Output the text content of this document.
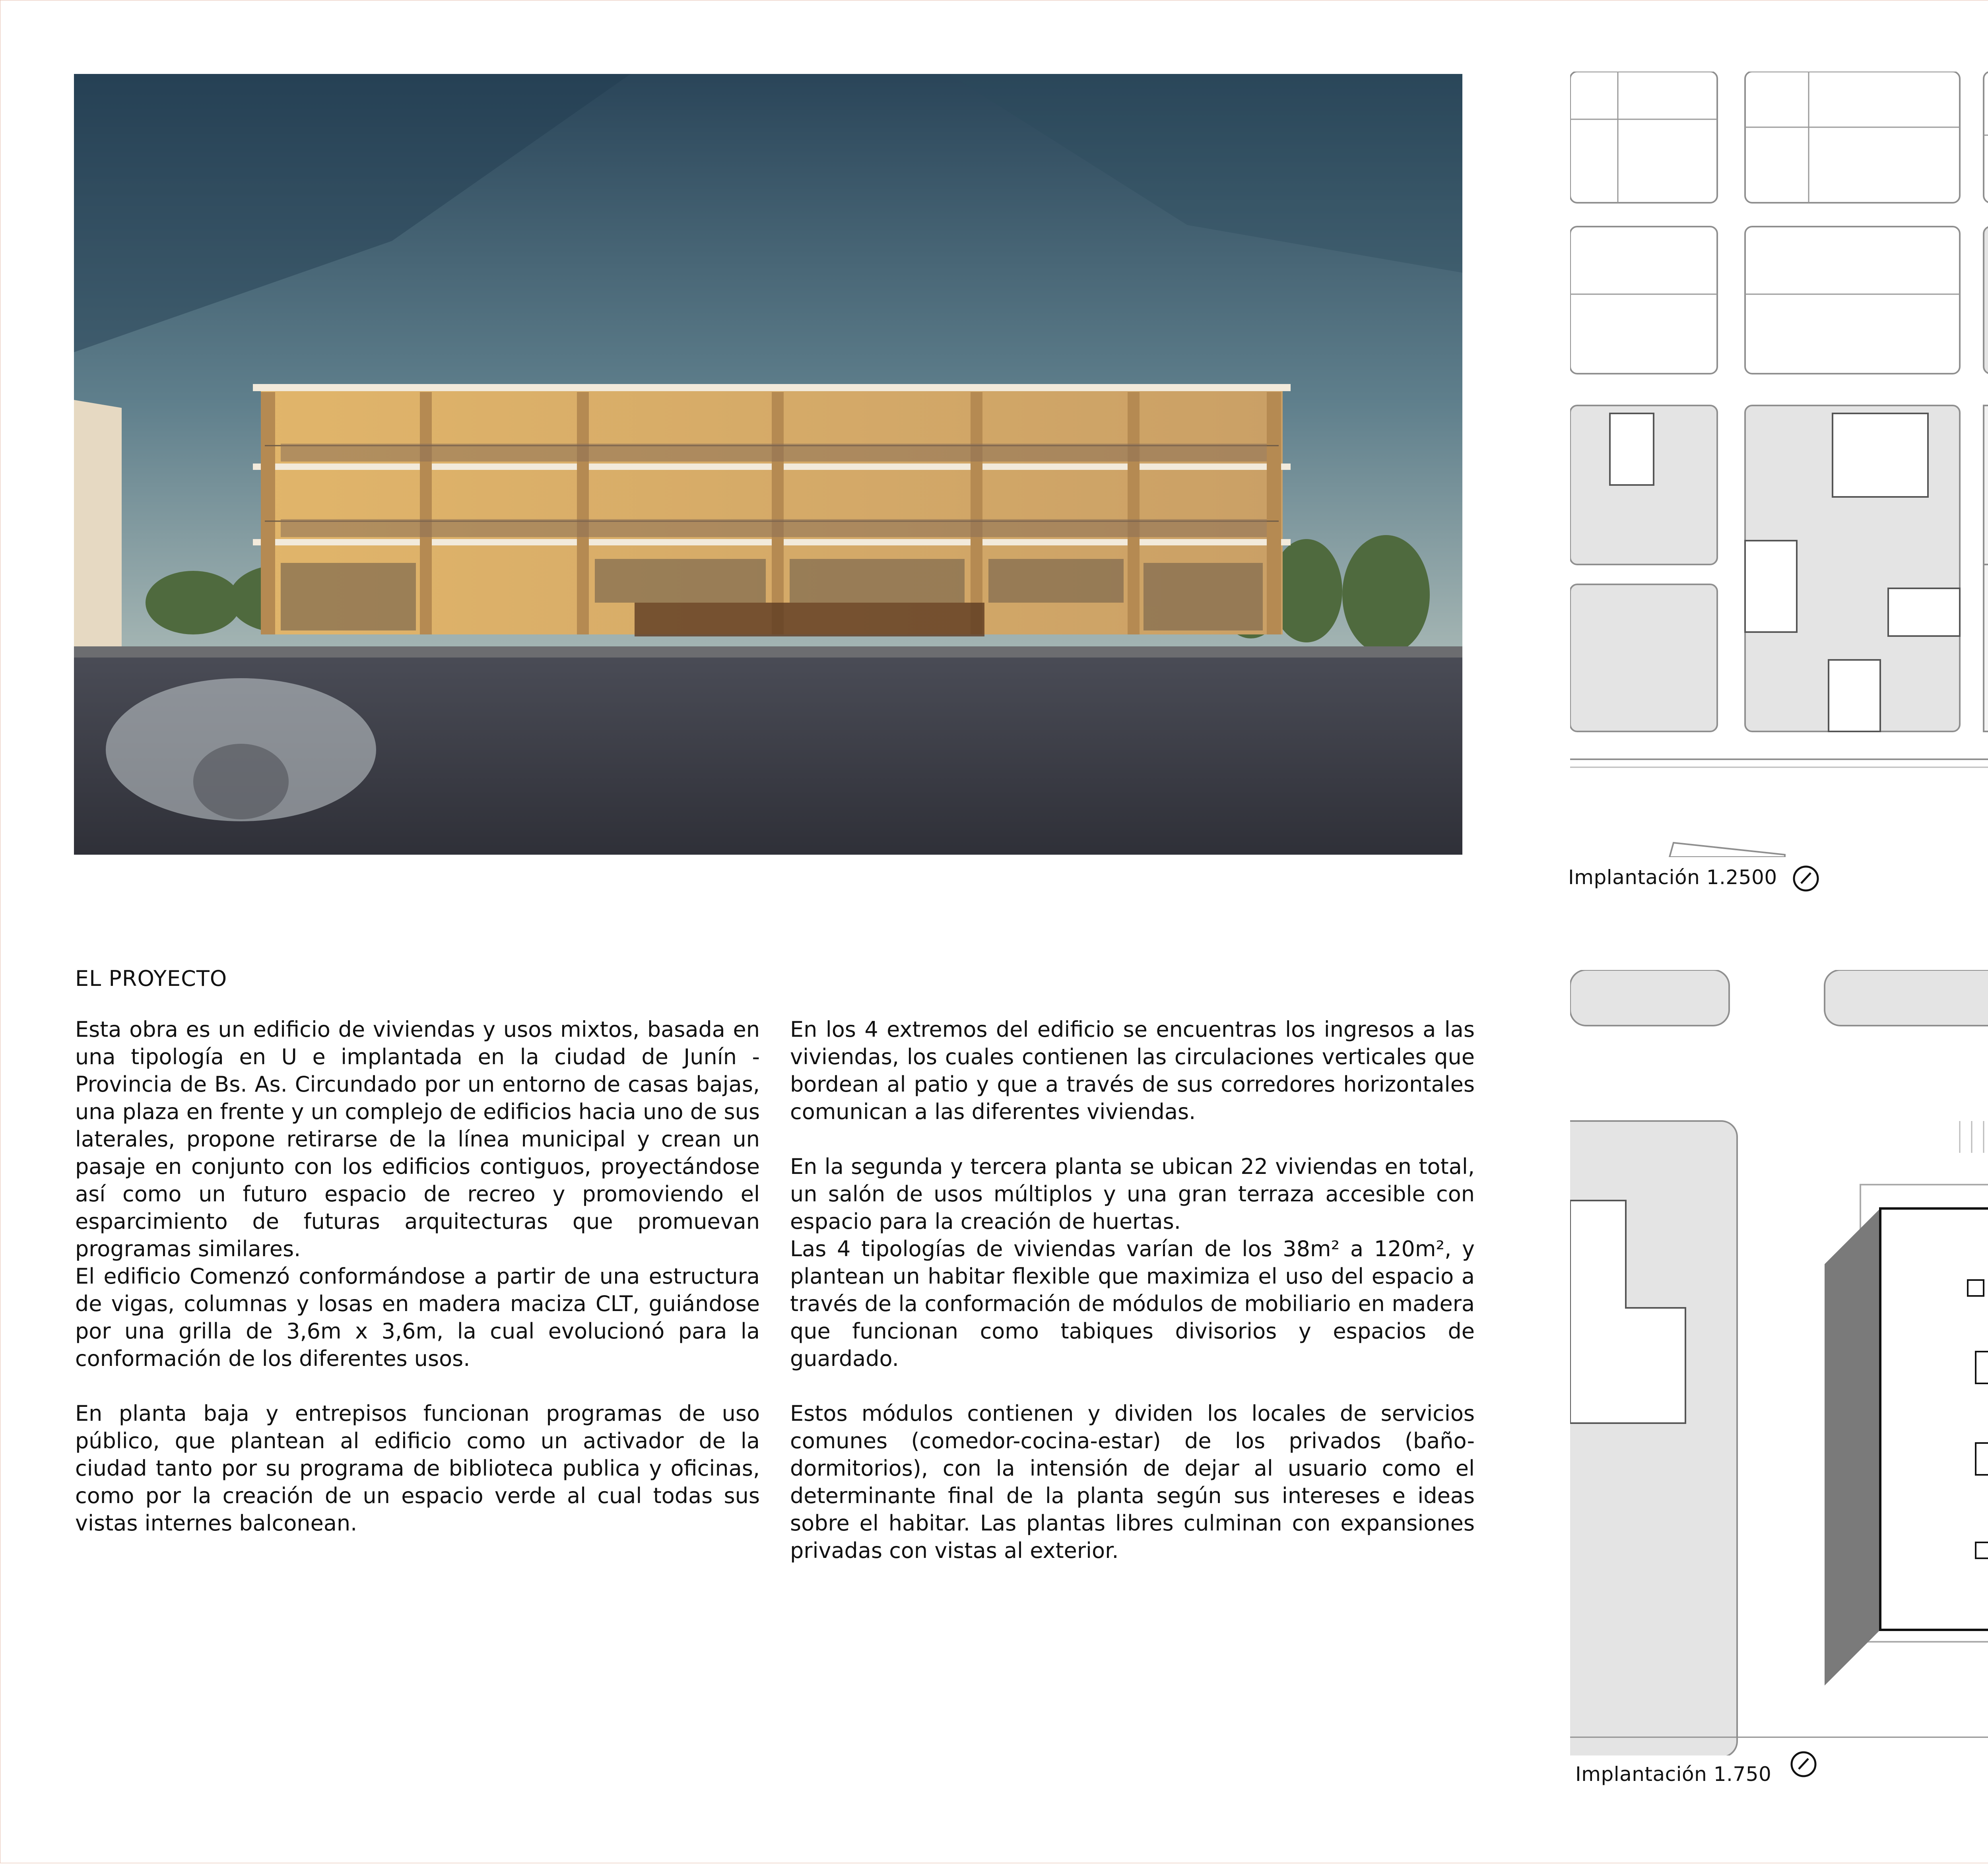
Implantación 1.2500
Implantación 1.750
EL PROYECTO

Esta obra es un edificio de viviendas y usos mixtos, basada en una tipología en U e implantada en la ciudad de Junín - Provincia de Bs. As. Circundado por un entorno de casas bajas, una plaza en frente y un complejo de edificios hacia uno de sus laterales, propone retirarse de la línea municipal y crean un pasaje en conjunto con los edificios contiguos, proyectándose así como un futuro espacio de recreo y promoviendo el esparcimiento de futuras arquitecturas que promuevan programas similares.

El edificio Comenzó conformándose a partir de una estructura de vigas, columnas y losas en madera maciza CLT, guiándose por una grilla de 3,6m x 3,6m, la cual evolucionó para la conformación de los diferentes usos.

En planta baja y entrepisos funcionan programas de uso público, que plantean al edificio como un activador de la ciudad tanto por su programa de biblioteca publica y oficinas, como por la creación de un espacio verde al cual todas sus vistas internes balconean.

En los 4 extremos del edificio se encuentras los ingresos a las viviendas, los cuales contienen las circulaciones verticales que bordean al patio y que a través de sus corredores horizontales comunican a las diferentes viviendas.

En la segunda y tercera planta se ubican 22 viviendas en total, un salón de usos múltiplos y una gran terraza accesible con espacio para la creación de huertas.

Las 4 tipologías de viviendas varían de los 38m² a 120m², y plantean un habitar flexible que maximiza el uso del espacio a través de la conformación de módulos de mobiliario en madera que funcionan como tabiques divisorios y espacios de guardado.

Estos módulos contienen y dividen los locales de servicios comunes (comedor-cocina-estar) de los privados (baño-dormitorios), con la intensión de dejar al usuario como el determinante final de la planta según sus intereses e ideas sobre el habitar. Las plantas libres culminan con expansiones privadas con vistas al exterior.
